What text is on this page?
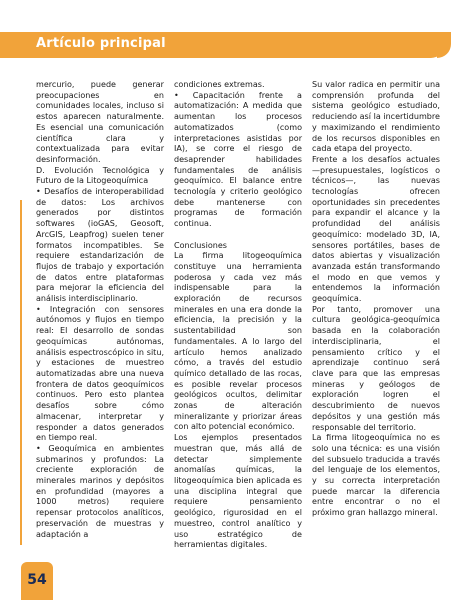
Artículo principal

mercurio, puede generar preocupaciones en comunidades locales, incluso si estos aparecen naturalmente. Es esencial una comunicación científica clara y contextualizada para evitar desinformación.

D. Evolución Tecnológica y Futuro de la Litogeoquímica

• Desafíos de interoperabilidad de datos: Los archivos generados por distintos softwares (ioGAS, Geosoft, ArcGIS, Leapfrog) suelen tener formatos incompatibles. Se requiere estandarización de flujos de trabajo y exportación de datos entre plataformas para mejorar la eficiencia del análisis interdisciplinario.

• Integración con sensores autónomos y flujos en tiempo real: El desarrollo de sondas geoquímicas autónomas, análisis espectroscópico in situ, y estaciones de muestreo automatizadas abre una nueva frontera de datos geoquímicos continuos. Pero esto plantea desafíos sobre cómo almacenar, interpretar y responder a datos generados en tiempo real.

• Geoquímica en ambientes submarinos y profundos: La creciente exploración de minerales marinos y depósitos en profundidad (mayores a 1000 metros) requiere repensar protocolos analíticos, preservación de muestras y adaptación a

condiciones extremas.

• Capacitación frente a automatización: A medida que aumentan los procesos automatizados (como interpretaciones asistidas por IA), se corre el riesgo de desaprender habilidades fundamentales de análisis geoquímico. El balance entre tecnología y criterio geológico debe mantenerse con programas de formación continua.

Conclusiones

La firma litogeoquímica constituye una herramienta poderosa y cada vez más indispensable para la exploración de recursos minerales en una era donde la eficiencia, la precisión y la sustentabilidad son fundamentales. A lo largo del artículo hemos analizado cómo, a través del estudio químico detallado de las rocas, es posible revelar procesos geológicos ocultos, delimitar zonas de alteración mineralizante y priorizar áreas con alto potencial económico.

Los ejemplos presentados muestran que, más allá de detectar simplemente anomalías químicas, la litogeoquímica bien aplicada es una disciplina integral que requiere pensamiento geológico, rigurosidad en el muestreo, control analítico y uso estratégico de herramientas digitales.

Su valor radica en permitir una comprensión profunda del sistema geológico estudiado, reduciendo así la incertidumbre y maximizando el rendimiento de los recursos disponibles en cada etapa del proyecto.

Frente a los desafíos actuales —presupuestales, logísticos o técnicos—, las nuevas tecnologías ofrecen oportunidades sin precedentes para expandir el alcance y la profundidad del análisis geoquímico: modelado 3D, IA, sensores portátiles, bases de datos abiertas y visualización avanzada están transformando el modo en que vemos y entendemos la información geoquímica.

Por tanto, promover una cultura geológica-geoquímica basada en la colaboración interdisciplinaria, el pensamiento crítico y el aprendizaje continuo será clave para que las empresas mineras y geólogos de exploración logren el descubrimiento de nuevos depósitos y una gestión más responsable del territorio.

La firma litogeoquímica no es solo una técnica: es una visión del subsuelo traducida a través del lenguaje de los elementos, y su correcta interpretación puede marcar la diferencia entre encontrar o no el próximo gran hallazgo mineral.

54
